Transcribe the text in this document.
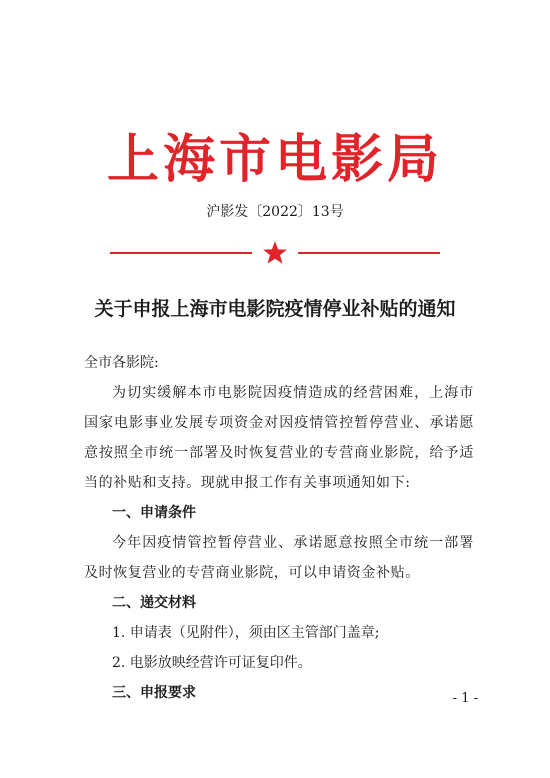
上海市电影局
沪影发〔2022〕13号
关于申报上海市电影院疫情停业补贴的通知

全市各影院:

为切实缓解本市电影院因疫情造成的经营困难，上海市国家电影事业发展专项资金对因疫情管控暂停营业、承诺愿意按照全市统一部署及时恢复营业的专营商业影院，给予适当的补贴和支持。现就申报工作有关事项通知如下:

一、申请条件

今年因疫情管控暂停营业、承诺愿意按照全市统一部署及时恢复营业的专营商业影院，可以申请资金补贴。

二、递交材料

1. 申请表（见附件），须由区主管部门盖章;

2. 电影放映经营许可证复印件。

三、申报要求	- 1 -
